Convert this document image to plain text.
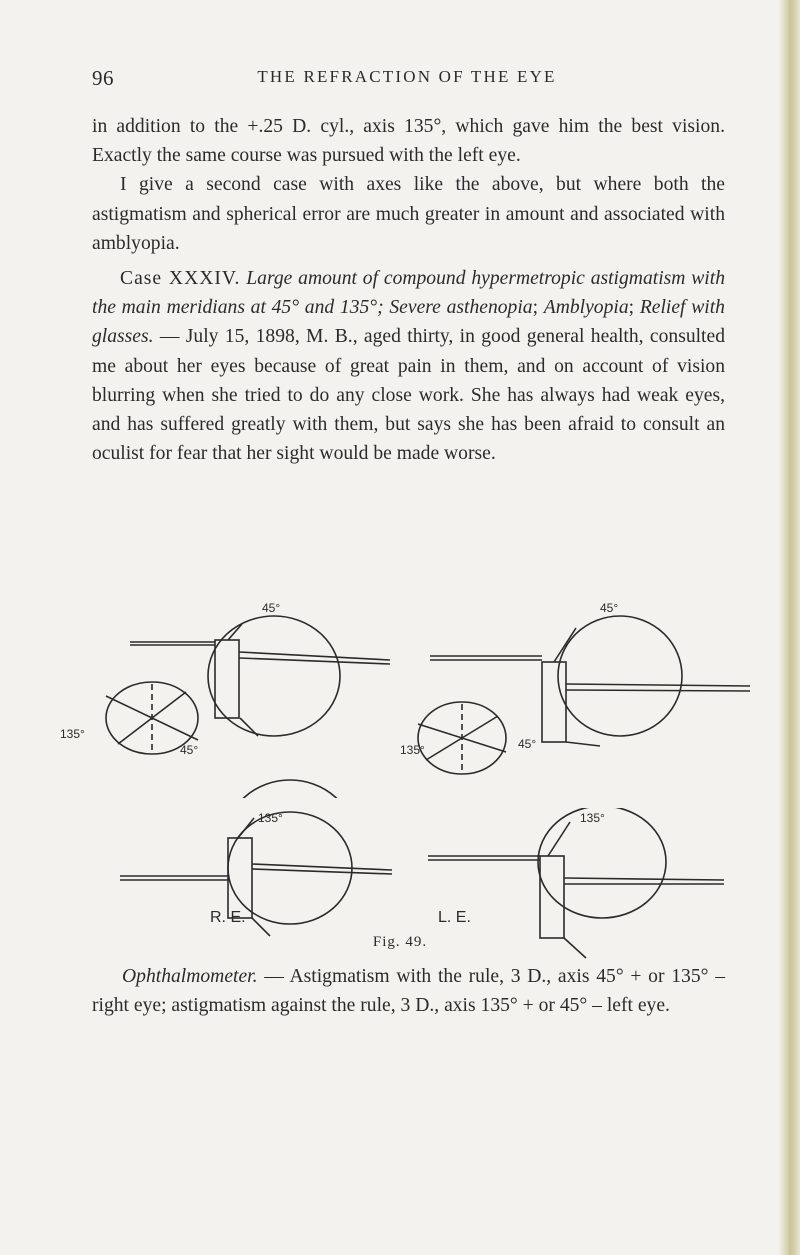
96	THE REFRACTION OF THE EYE

in addition to the +.25 D. cyl., axis 135°, which gave him the best vision. Exactly the same course was pursued with the left eye.

I give a second case with axes like the above, but where both the astigmatism and spherical error are much greater in amount and associated with amblyopia.

Case XXXIV. Large amount of compound hypermetropic astigmatism with the main meridians at 45° and 135°; Severe asthenopia; Amblyopia; Relief with glasses. — July 15, 1898, M. B., aged thirty, in good general health, consulted me about her eyes because of great pain in them, and on account of vision blurring when she tried to do any close work. She has always had weak eyes, and has suffered greatly with them, but says she has been afraid to consult an oculist for fear that her sight would be made worse.

45°	45°
135°
45°
135°
135°	45°
135°
R. E.	L. E.
Fig. 49.

Ophthalmometer. — Astigmatism with the rule, 3 D., axis 45° + or 135° – right eye; astigmatism against the rule, 3 D., axis 135° + or 45° – left eye.
